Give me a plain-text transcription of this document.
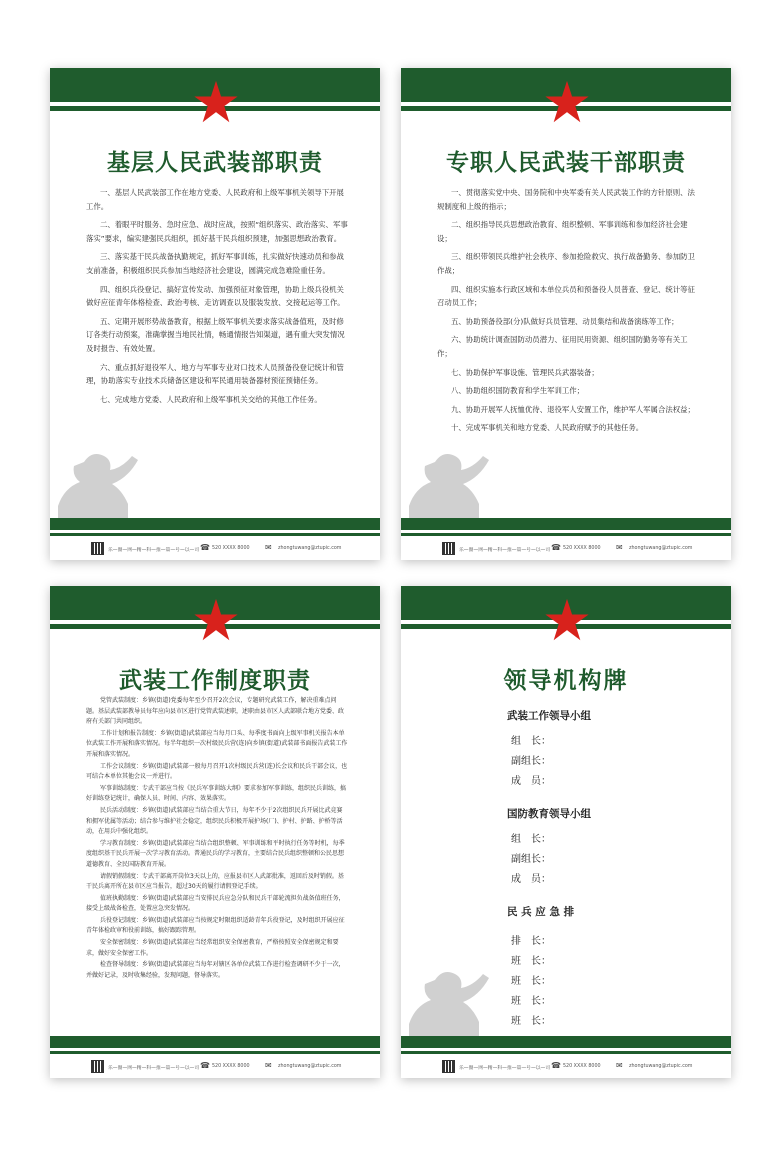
基层人民武装部职责

一、基层人民武装部工作在地方党委、人民政府和上级军事机关领导下开展工作。

二、着眼平时服务、急时应急、战时应战，按照“组织落实、政治落实、军事落实”要求，编实建强民兵组织，抓好基干民兵组织预建，加强思想政治教育。

三、落实基干民兵战备执勤规定，抓好军事训练，扎实做好快速动员和参战支前准备，积极组织民兵参加当地经济社会建设，圆满完成急难险重任务。

四、组织兵役登记、搞好宣传发动、加强预征对象管理，协助上级兵役机关做好应征青年体格检查、政治考核、走访调查以及服装发放、交接起运等工作。

五、定期开展形势战备教育，根据上级军事机关要求落实战备值班，及时修订各类行动预案，准确掌握当地民社情，畅通情报告知渠道，遇有重大突发情况及时报告、有效处置。

六、重点抓好退役军人、地方与军事专业对口技术人员预备役登记统计和管理，协助落实专业技术兵储备区建设和军民通用装备器材预征预储任务。

七、完成地方党委、人民政府和上级军事机关交给的其他工作任务。

乐—圈—网—精—科—推—篇—号—以—司 ☎ 520 XXXX 8000 ✉	zhongtuwang@ztupic.com
专职人民武装干部职责

一、贯彻落实党中央、国务院和中央军委有关人民武装工作的方针原则、法规制度和上级的指示；

二、组织指导民兵思想政治教育、组织整顿、军事训练和参加经济社会建设；

三、组织带领民兵维护社会秩序、参加抢险救灾、执行战备勤务、参加防卫作战；

四、组织实施本行政区域和本单位兵员和预备役人员普查、登记、统计等征召动员工作；

五、协助预备役部(分)队做好兵员管理、动员集结和战备演练等工作；

六、协助统计调查国防动员潜力、征用民用资源、组织国防勤务等有关工作；

七、协助保护军事设施、管理民兵武器装备；

八、协助组织国防教育和学生军训工作；

九、协助开展军人抚恤优待、退役军人安置工作，维护军人军属合法权益；

十、完成军事机关和地方党委、人民政府赋予的其他任务。

乐—圈—网—精—科—推—篇—号—以—司 ☎ 520 XXXX 8000 ✉	zhongtuwang@ztupic.com
武装工作制度职责

党管武装制度：乡镇(街道)党委每年至少召开2次会议，专题研究武装工作，解决重难点问题。基层武装部教导员每年应向县市区进行党管武装述职，述职由县市区人武部联合地方党委、政府有关部门共同组织。

工作计划和报告制度：乡镇(街道)武装部应当每月口头、每季度书面向上级军事机关报告本单位武装工作开展和落实情况。每半年组织一次村级民兵营(连)向乡镇(街道)武装部书面报告武装工作开展和落实情况。

工作会议制度：乡镇(街道)武装部一般每月召开1次村级民兵营(连)长会议和民兵干部会议，也可结合本单位其他会议一并进行。

军事训练制度：专武干部应当按《民兵军事训练大纲》要求参加军事训练，组织民兵训练，搞好训练登记统计，确保人员、时间、内容、效果落实。

民兵活动制度：乡镇(街道)武装部应当结合重大节日，每年不少于2次组织民兵开展比武竞赛和拥军优属等活动；结合参与维护社会稳定，组织民兵积极开展护场(厂)、护村、护路、护桥等活动，在用兵中强化组织。

学习教育制度：乡镇(街道)武装部应当结合组织整顿、军事训练和平时执行任务等时机，每季度组织基干民兵开展一次学习教育活动。普通民兵的学习教育，主要结合民兵组织整顿和公民思想道德教育、全民国防教育开展。

请假销假制度：专武干部离开岗位3天以上的，应报县市区人武部批准，返回后及时销假。基干民兵离开所在县市区应当报告，超过30天的履行请假登记手续。

值班执勤制度：乡镇(街道)武装部应当安排民兵应急分队和民兵干部轮流担负战备值班任务，接受上级战备检查，处置应急突发情况。

兵役登记制度：乡镇(街道)武装部应当按规定时限组织适龄青年兵役登记，及时组织开展应征青年体检政审和役前训练，搞好跟踪管理。

安全保密制度：乡镇(街道)武装部应当经常组织安全保密教育，严格按照安全保密规定和要求，做好安全保密工作。

检查督导制度：乡镇(街道)武装部应当每年对辖区各单位武装工作进行检查调研不少于一次，并做好记录，及时收集经验，发现问题，督导落实。

乐—圈—网—精—科—推—篇—号—以—司 ☎ 520 XXXX 8000 ✉	zhongtuwang@ztupic.com
领导机构牌
武装工作领导小组
组　长：
副组长：
成　员：
国防教育领导小组
组　长：
副组长：
成　员：
民 兵 应 急 排
排　长：
班　长：
班　长：
班　长：
班　长：
乐—圈—网—精—科—推—篇—号—以—司 ☎ 520 XXXX 8000 ✉	zhongtuwang@ztupic.com
